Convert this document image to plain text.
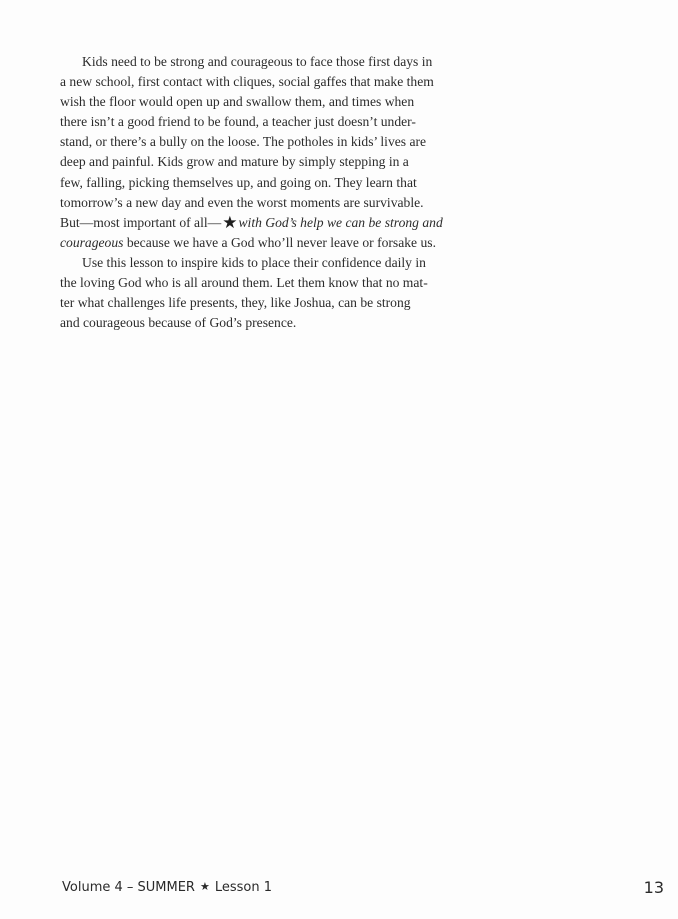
Kids need to be strong and courageous to face those first days in
a new school, first contact with cliques, social gaffes that make them
wish the floor would open up and swallow them, and times when
there isn’t a good friend to be found, a teacher just doesn’t under-
stand, or there’s a bully on the loose. The potholes in kids’ lives are
deep and painful. Kids grow and mature by simply stepping in a
few, falling, picking themselves up, and going on. They learn that
tomorrow’s a new day and even the worst moments are survivable.
But—most important of all—★with God’s help we can be strong and
courageous because we have a God who’ll never leave or forsake us.
Use this lesson to inspire kids to place their confidence daily in
the loving God who is all around them. Let them know that no mat-
ter what challenges life presents, they, like Joshua, can be strong
and courageous because of God’s presence.
Volume 4 – SUMMER ★ Lesson 1	13
